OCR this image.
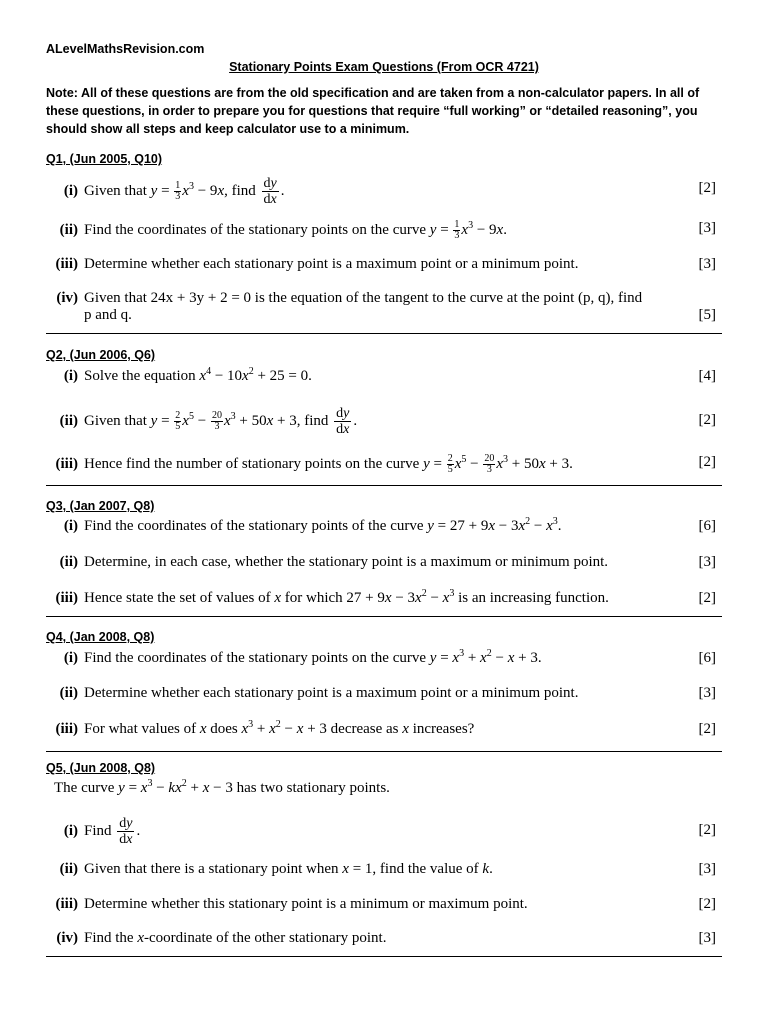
ALevelMathsRevision.com
Stationary Points Exam Questions (From OCR 4721)
Note: All of these questions are from the old specification and are taken from a non-calculator papers. In all of these questions, in order to prepare you for questions that require “full working” or “detailed reasoning”, you should show all steps and keep calculator use to a minimum.
Q1, (Jun 2005, Q10)
(i) Given that $y = \frac{1}{3} x^3 - 9x$, find $\frac{dy}{dx}$ .	[2]
(ii) Find the coordinates of the stationary points on the curve $y = \frac{1}{3} x^3 - 9x$.	[3]
(iii) Determine whether each stationary point is a maximum point or a minimum point.	[3]
(iv) Given that 24x + 3y + 2 = 0 is the equation of the tangent to the curve at the point (p, q), find
p and q.	[5]
Q2, (Jun 2006, Q6)
(i) Solve the equation $x^4 - 10x^2 + 25 = 0$.	[4]
(ii) Given that $y = \frac{2}{5} x^5 - \frac{20}{3} x^3 + 50x + 3$, find $\frac{dy}{dx}$ .	[2]
(iii) Hence find the number of stationary points on the curve $y = \frac{2}{5} x^5 - \frac{20}{3} x^3 + 50x + 3$.	[2]
Q3, (Jan 2007, Q8)
(i) Find the coordinates of the stationary points of the curve $y = 27 + 9x - 3x^2 - x^3$.	[6]
(ii) Determine, in each case, whether the stationary point is a maximum or minimum point.	[3]
(iii) Hence state the set of values of x for which $27 + 9x - 3x^2 - x^3$ is an increasing function.	[2]
Q4, (Jan 2008, Q8)
(i) Find the coordinates of the stationary points on the curve $y = x^3 + x^2 - x + 3$.	[6]
(ii) Determine whether each stationary point is a maximum point or a minimum point.	[3]
(iii) For what values of x does $x^3 + x^2 - x + 3$ decrease as x increases?	[2]
Q5, (Jun 2008, Q8)
The curve $y = x^3 - kx^2 + x - 3$ has two stationary points.
(i) Find $\frac{dy}{dx}$ .	[2]
(ii) Given that there is a stationary point when x = 1, find the value of k.	[3]
(iii) Determine whether this stationary point is a minimum or maximum point.	[2]
(iv) Find the x-coordinate of the other stationary point.	[3]
